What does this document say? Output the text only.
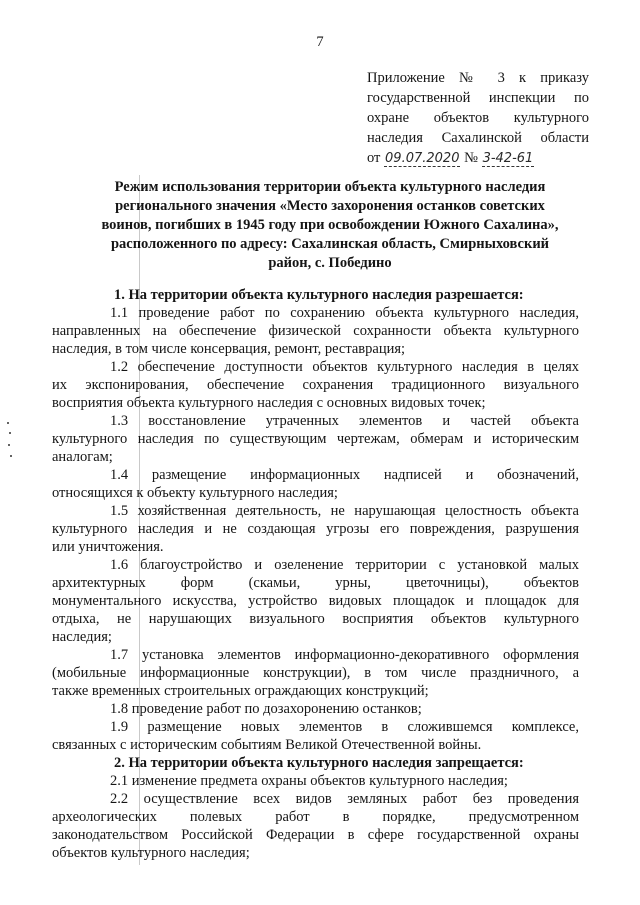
7
Приложение № 3 к приказу
государственной инспекции по
охране объектов культурного
наследия Сахалинской области
от 09.07.2020 № 3-42-61
Режим использования территории объекта культурного наследия
регионального значения «Место захоронения останков советских
воинов, погибших в 1945 году при освобождении Южного Сахалина»,
расположенного по адресу: Сахалинская область, Смирныховский
район, с. Победино
1. На территории объекта культурного наследия разрешается:
1.1 проведение работ по сохранению объекта культурного наследия,
направленных на обеспечение физической сохранности объекта культурного
наследия, в том числе консервация, ремонт, реставрация;
1.2 обеспечение доступности объектов культурного наследия в целях
их экспонирования, обеспечение сохранения традиционного визуального
восприятия объекта культурного наследия с основных видовых точек;
1.3 восстановление утраченных элементов и частей объекта
культурного наследия по существующим чертежам, обмерам и историческим
аналогам;
1.4 размещение информационных надписей и обозначений,
относящихся к объекту культурного наследия;
1.5 хозяйственная деятельность, не нарушающая целостность объекта
культурного наследия и не создающая угрозы его повреждения, разрушения
или уничтожения.
1.6 благоустройство и озеленение территории с установкой малых
архитектурных форм (скамьи, урны, цветочницы), объектов
монументального искусства, устройство видовых площадок и площадок для
отдыха, не нарушающих визуального восприятия объектов культурного
наследия;
1.7 установка элементов информационно-декоративного оформления
(мобильные информационные конструкции), в том числе праздничного, а
также временных строительных ограждающих конструкций;
1.8 проведение работ по дозахоронению останков;
1.9 размещение новых элементов в сложившемся комплексе,
связанных с историческим событиям Великой Отечественной войны.
2. На территории объекта культурного наследия запрещается:
2.1 изменение предмета охраны объектов культурного наследия;
2.2 осуществление всех видов земляных работ без проведения
археологических полевых работ в порядке, предусмотренном
законодательством Российской Федерации в сфере государственной охраны
объектов культурного наследия;
